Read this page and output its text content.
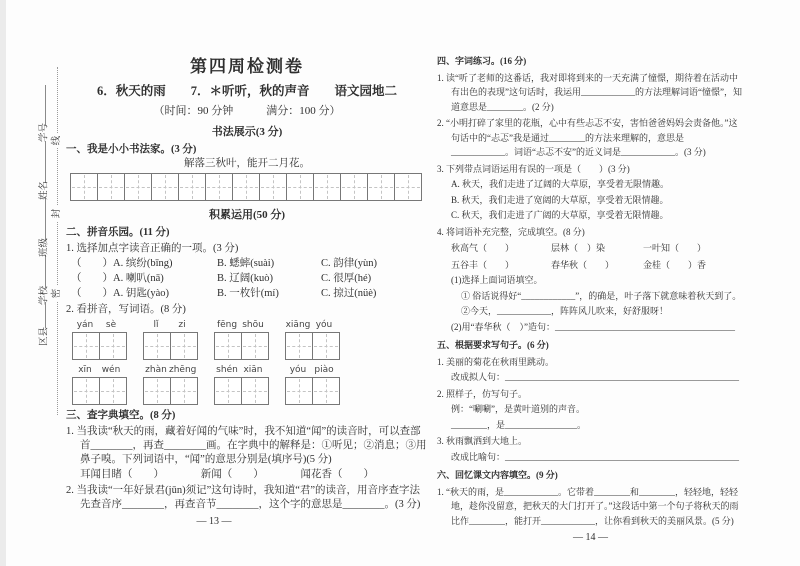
学号
姓名
班级
学校
区县
线
封
密
第四周检测卷
6．秋天的雨　　7．＊听听，秋的声音　　语文园地二
（时间：90 分钟　　　满分：100 分）
书法展示(3 分)
一、我是小小书法家。(3 分)
解落三秋叶，能开二月花。
积累运用(50 分)
二、拼音乐园。(11 分)
1. 选择加点字读音正确的一项。(3 分)
（　　）A. 缤纷(bīng)	B. 蟋蟀(suài)	C. 韵律(yùn)
（　　）A. 喇叭(nā)	B. 辽阔(kuò)	C. 很厚(hé)
（　　）A. 钥匙(yào)	B. 一枚针(mí)	C. 掠过(nüè)
2. 看拼音，写词语。(8 分)
yán	sè	lǐ	zi	fēng shōu xiāng yóu
xīn	wén	zhàn zhēng shén xiān	yóu piào
三、查字典填空。(8 分)
1. 当我读“秋天的雨，藏着好闻的气味”时，我不知道“闻”的读音时，可以查部首________，再查________画。在字典中的解释是：①听见；②消息；③用鼻子嗅。下列词语中，“闻”的意思分别是(填序号)(5 分)
耳闻目睹（　　）　　　　新闻（　　）　　　　闻花香（　　）
2. 当我读“一年好景君(jūn)须记”这句诗时，我知道“君”的读音，用音序查字法先查音序________，再查音节________，这个字的意思是________。(3 分)
— 13 —
四、字词练习。(16 分)
1. 读“听了老师的这番话，我对即将到来的一天充满了憧憬，期待着在活动中有出色的表现”这句话时，我运用____________的方法理解词语“憧憬”，知道意思是________。(2 分)
2. “小明打碎了家里的花瓶，心中有些忐忑不安，害怕爸爸妈妈会责备他。”这句话中的“忐忑”我是通过________的方法来理解的，意思是____________。词语“忐忑不安”的近义词是____________。(3 分)
3. 下列带点词语运用有误的一项是（　　）(3 分)
A. 秋天，我们走进了辽阔的大草原，享受着无限情趣。
B. 秋天，我们走进了宽阔的大草原，享受着无限情趣。
C. 秋天，我们走进了广阔的大草原，享受着无限情趣。
4. 将词语补充完整，完成填空。(8 分)
秋高气（　　）	层林（　）染	一叶知（　　）
五谷丰（　　）	春华秋（　　）	金桂（　　）香
(1)选择上面词语填空。
① 俗话说得好“____________”，的确是，叶子落下就意味着秋天到了。
②今天，____________，阵阵风儿吹来，好舒服呀！
(2)用“春华秋（　）”造句：________________________________________
五、根据要求写句子。(6 分)
1. 美丽的菊花在秋雨里跳动。
改成拟人句：____________________________________________________
2. 照样子，仿写句子。
例：“唰唰”，是黄叶道别的声音。
________，是________________。
3. 秋雨飘洒到大地上。
改成比喻句：____________________________________________________
六、回忆课文内容填空。(9 分)
1. “秋天的雨，是____________。它带着________和________，轻轻地，轻轻地，趁你没留意，把秋天的大门打开了。”这段话中第一个句子将秋天的雨比作________，能打开____________，让你看到秋天的美丽风景。(5 分)
— 14 —
